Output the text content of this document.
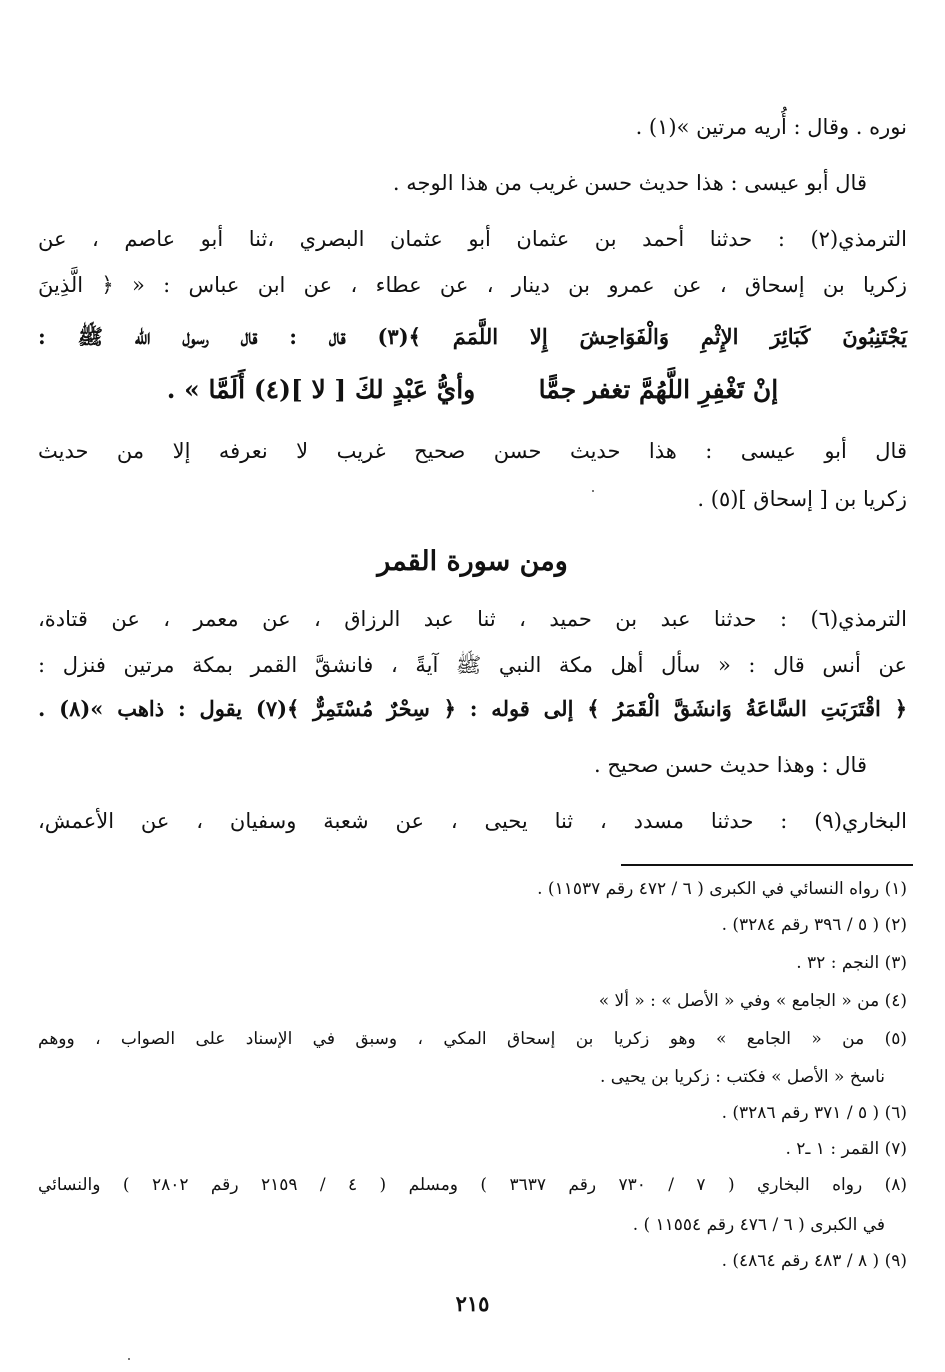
نوره . وقال : أُريه مرتين »(١) .
قال أبو عيسى : هذا حديث حسن غريب من هذا الوجه .
الترمذي(٢) : حدثنا أحمد بن عثمان أبو عثمان البصري ،ثنا أبو عاصم ، عن
زكريا بن إسحاق ، عن عمرو بن دينار ، عن عطاء ، عن ابن عباس : « ﴿ الَّذِينَ
يَجْتَنِبُونَ كَبَائِرَ الإِثْمِ وَالْفَوَاحِشَ إِلا اللَّمَمَ ﴾(٣) قال : قال رسول الله ﷺ :
إنْ تَغْفِرِ اللَّهُمَّ تغفر جمًّا  وأيُّ عَبْدٍ لكَ [ لا ](٤) أَلَمَّا » .
قال أبو عيسى : هذا حديث حسن صحيح غريب لا نعرفه إلا من حديث
زكريا بن [ إسحاق ](٥) .
ومن سورة القمر
الترمذي(٦) : حدثنا عبد بن حميد ، ثنا عبد الرزاق ، عن معمر ، عن قتادة،
عن أنس قال : « سأل أهل مكة النبي ﷺ آيةً ، فانشقَّ القمر بمكة مرتين فنزل :
﴿ اقْتَرَبَتِ السَّاعَةُ وَانشَقَّ الْقَمَرُ ﴾ إلى قوله : ﴿ سِحْرٌ مُسْتَمِرٌّ ﴾(٧) يقول : ذاهب »(٨) .
قال : وهذا حديث حسن صحيح .
البخاري(٩) : حدثنا مسدد ، ثنا يحيى ، عن شعبة وسفيان ، عن الأعمش،
(١) رواه النسائي في الكبرى ( ٦ / ٤٧٢ رقم ١١٥٣٧) .
(٢) ( ٥ / ٣٩٦ رقم ٣٢٨٤) .
(٣) النجم : ٣٢ .
(٤) من « الجامع » وفي « الأصل » : « ألا »
(٥) من « الجامع » وهو زكريا بن إسحاق المكي ، وسبق في الإسناد على الصواب ، ووهم
ناسخ « الأصل » فكتب : زكريا بن يحيى .
(٦) ( ٥ / ٣٧١ رقم ٣٢٨٦) .
(٧) القمر : ١ ـ٢ .
(٨) رواه البخاري ( ٧ / ٧٣٠ رقم ٣٦٣٧ ) ومسلم ( ٤ / ٢١٥٩ رقم ٢٨٠٢ ) والنسائي
في الكبرى ( ٦ / ٤٧٦ رقم ١١٥٥٤ ) .
(٩) ( ٨ / ٤٨٣ رقم ٤٨٦٤) .
٢١٥
